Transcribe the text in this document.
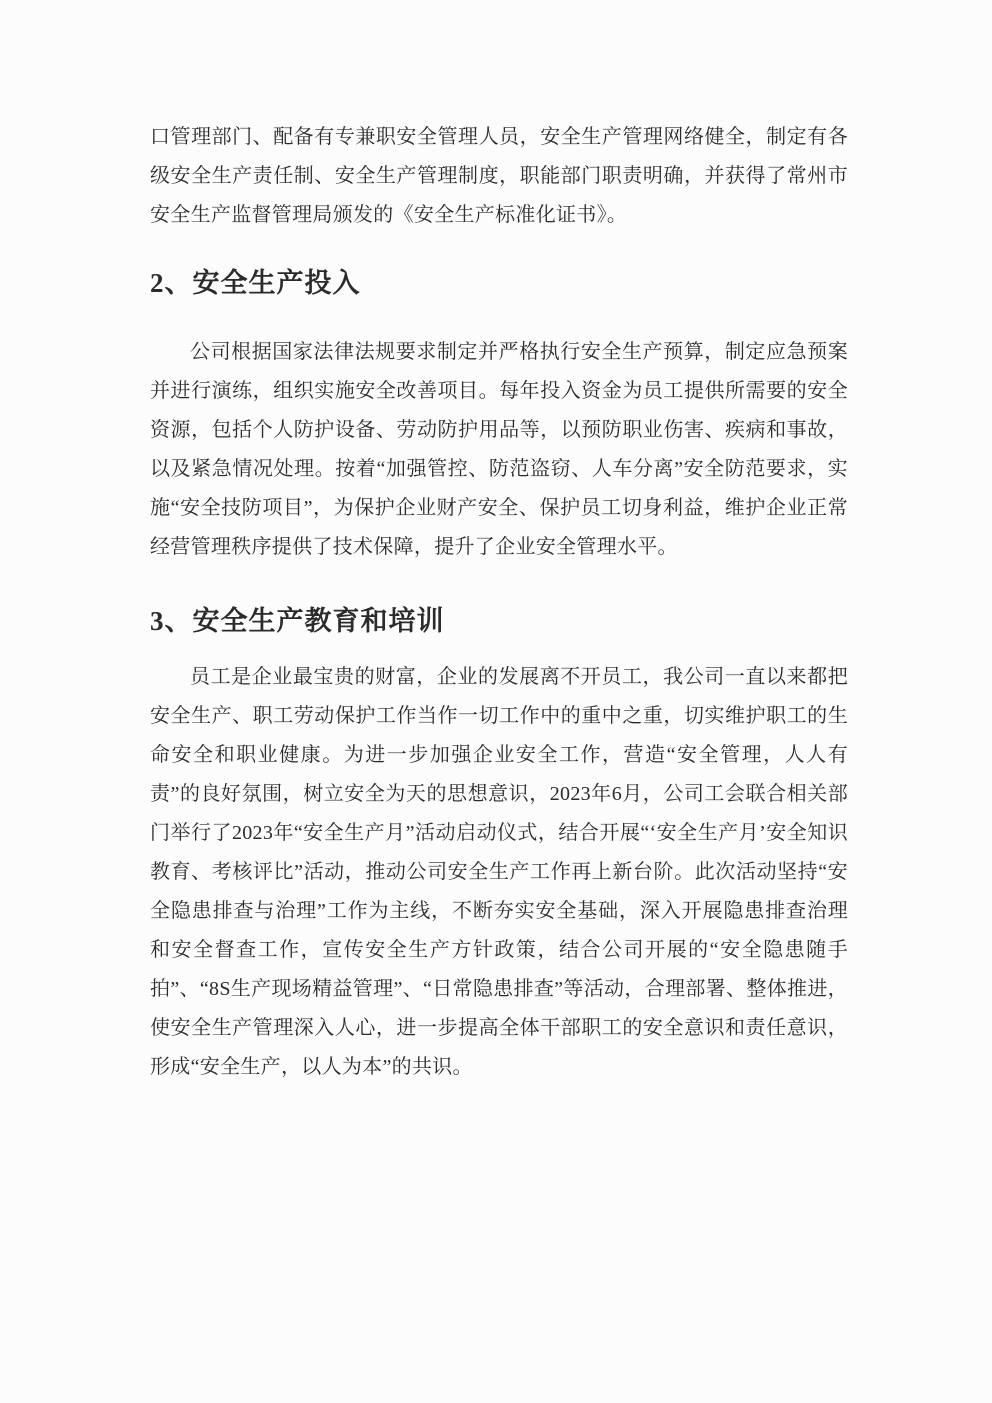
口管理部门、配备有专兼职安全管理人员，安全生产管理网络健全，制定有各级安全生产责任制、安全生产管理制度，职能部门职责明确，并获得了常州市安全生产监督管理局颁发的《安全生产标准化证书》。

2、安全生产投入

公司根据国家法律法规要求制定并严格执行安全生产预算，制定应急预案并进行演练，组织实施安全改善项目。每年投入资金为员工提供所需要的安全资源，包括个人防护设备、劳动防护用品等，以预防职业伤害、疾病和事故，以及紧急情况处理。按着“加强管控、防范盗窃、人车分离”安全防范要求，实施“安全技防项目”，为保护企业财产安全、保护员工切身利益，维护企业正常经营管理秩序提供了技术保障，提升了企业安全管理水平。

3、安全生产教育和培训

员工是企业最宝贵的财富，企业的发展离不开员工，我公司一直以来都把安全生产、职工劳动保护工作当作一切工作中的重中之重，切实维护职工的生命安全和职业健康。为进一步加强企业安全工作，营造“安全管理，人人有责”的良好氛围，树立安全为天的思想意识，2023年6月，公司工会联合相关部门举行了2023年“安全生产月”活动启动仪式，结合开展“‘安全生产月’安全知识教育、考核评比”活动，推动公司安全生产工作再上新台阶。此次活动坚持“安全隐患排查与治理”工作为主线，不断夯实安全基础，深入开展隐患排查治理和安全督查工作，宣传安全生产方针政策，结合公司开展的“安全隐患随手拍”、“8S生产现场精益管理”、“日常隐患排查”等活动，合理部署、整体推进，使安全生产管理深入人心，进一步提高全体干部职工的安全意识和责任意识，形成“安全生产，以人为本”的共识。
